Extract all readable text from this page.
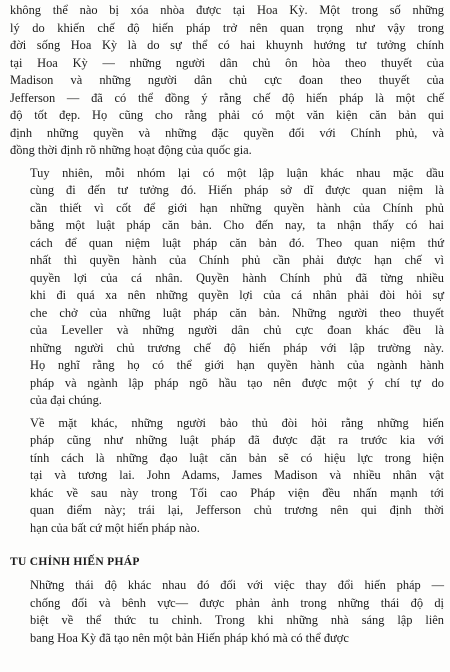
không thể nào bị xóa nhòa được tại Hoa Kỳ. Một trong số những
lý do khiến chế độ hiến pháp trở nên quan trọng như vậy trong
đời sống Hoa Kỳ là do sự thể có hai khuynh hướng tư tưởng chính
tại Hoa Kỳ — những người dân chủ ôn hòa theo thuyết của
Madison và những người dân chủ cực đoan theo thuyết của
Jefferson — đã có thể đồng ý rằng chế độ hiến pháp là một chế
độ tốt đẹp. Họ cũng cho rằng phải có một văn kiện căn bản qui
định những quyền và những đặc quyền đối với Chính phủ, và
đồng thời định rõ những hoạt động của quốc gia.
Tuy nhiên, mỗi nhóm lại có một lập luận khác nhau mặc dầu
cùng đi đến tư tưởng đó. Hiến pháp sở dĩ được quan niệm là
cần thiết vì cốt để giới hạn những quyền hành của Chính phủ
bằng một luật pháp căn bản. Cho đến nay, ta nhận thấy có hai
cách để quan niệm luật pháp căn bản đó. Theo quan niệm thứ
nhất thì quyền hành của Chính phủ cần phải được hạn chế vì
quyền lợi của cá nhân. Quyền hành Chính phủ đã từng nhiều
khi đi quá xa nên những quyền lợi của cá nhân phải đòi hỏi sự
che chở của những luật pháp căn bản. Những người theo thuyết
của Leveller và những người dân chủ cực đoan khác đều là
những người chủ trương chế độ hiến pháp với lập trường này.
Họ nghĩ rằng họ có thể giới hạn quyền hành của ngành hành
pháp và ngành lập pháp ngõ hầu tạo nên được một ý chí tự do
của đại chúng.
Về mặt khác, những người bảo thủ đòi hỏi rằng những hiến
pháp cũng như những luật pháp đã được đặt ra trước kia với
tính cách là những đạo luật căn bản sẽ có hiệu lực trong hiện
tại và tương lai. John Adams, James Madison và nhiều nhân vật
khác về sau này trong Tối cao Pháp viện đều nhấn mạnh tới
quan điểm này; trái lại, Jefferson chủ trương nên qui định thời
hạn của bất cứ một hiến pháp nào.
TU CHỈNH HIẾN PHÁP
Những thái độ khác nhau đó đối với việc thay đổi hiến pháp —
chống đối và bênh vực— được phản ảnh trong những thái độ dị
biệt về thể thức tu chỉnh. Trong khi những nhà sáng lập liên
bang Hoa Kỳ đã tạo nên một bản Hiến pháp khó mà có thể được
